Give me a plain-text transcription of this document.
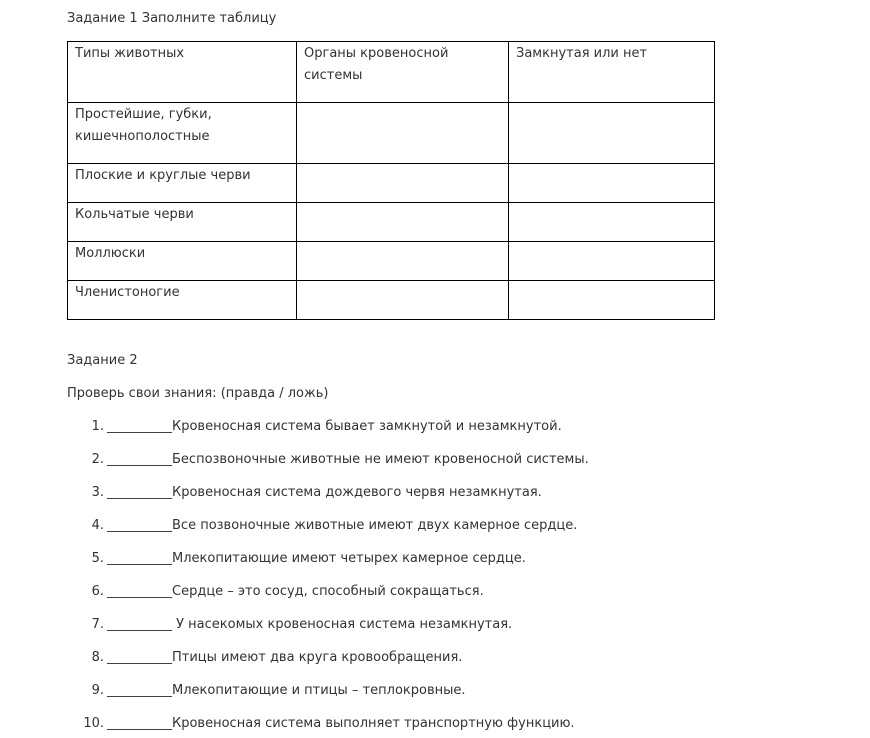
Задание 1 Заполните таблицу
Типы животных	Органы кровеносной системы	Замкнутая или нет
Простейшие, губки, кишечнополостные		
Плоские и круглые черви		
Кольчатые черви		
Моллюски		
Членистоногие		
Задание 2
Проверь свои знания: (правда / ложь)
1. __________Кровеносная система бывает замкнутой и незамкнутой.
2. __________Беспозвоночные животные не имеют кровеносной системы.
3. __________Кровеносная система дождевого червя незамкнутая.
4. __________Все позвоночные животные имеют двух камерное сердце.
5. __________Млекопитающие имеют четырех камерное сердце.
6. __________Сердце – это сосуд, способный сокращаться.
7. __________ У насекомых кровеносная система незамкнутая.
8. __________Птицы имеют два круга кровообращения.
9. __________Млекопитающие и птицы – теплокровные.
10. __________Кровеносная система выполняет транспортную функцию.
